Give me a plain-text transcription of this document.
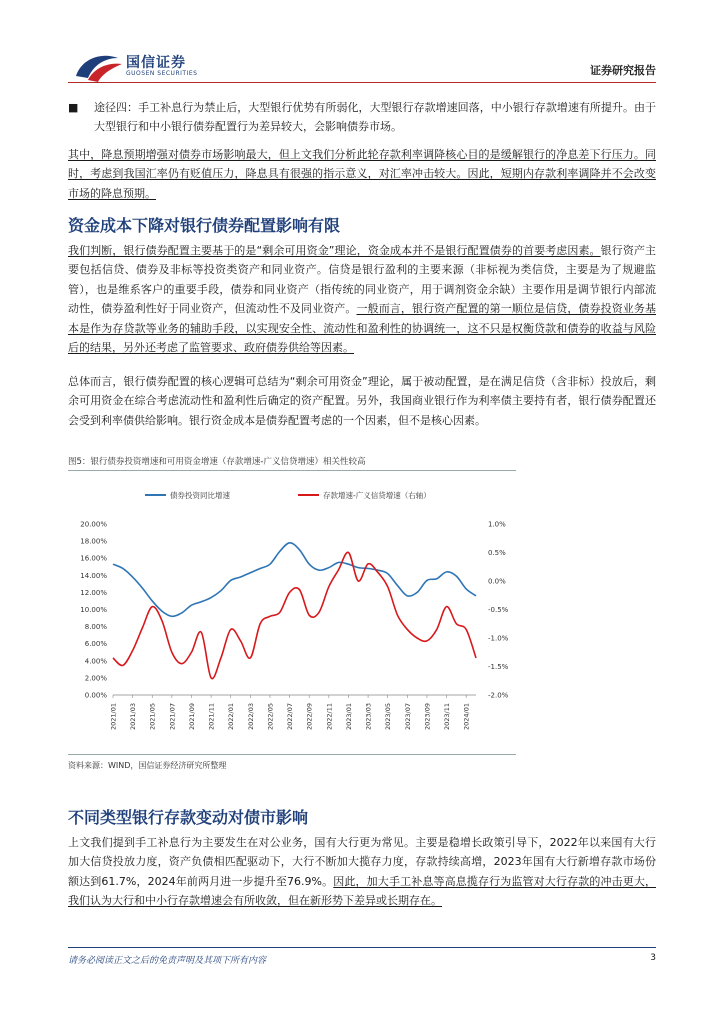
国信证券
GUOSEN SECURITIES	证券研究报告
■ 途径四：手工补息行为禁止后，大型银行优势有所弱化，大型银行存款增速回落，中小银行存款增速有所提升。由于大型银行和中小银行债券配置行为差异较大，会影响债券市场。

其中，降息预期增强对债券市场影响最大，但上文我们分析此轮存款利率调降核心目的是缓解银行的净息差下行压力。同时，考虑到我国汇率仍有贬值压力，降息具有很强的指示意义，对汇率冲击较大。因此，短期内存款利率调降并不会改变市场的降息预期。

资金成本下降对银行债券配置影响有限

我们判断，银行债券配置主要基于的是“剩余可用资金”理论，资金成本并不是银行配置债券的首要考虑因素。银行资产主要包括信贷、债券及非标等投资类资产和同业资产。信贷是银行盈利的主要来源（非标视为类信贷，主要是为了规避监管），也是维系客户的重要手段，债券和同业资产（指传统的同业资产，用于调剂资金余缺）主要作用是调节银行内部流动性，债券盈利性好于同业资产，但流动性不及同业资产。一般而言，银行资产配置的第一顺位是信贷，债券投资业务基本是作为存贷款等业务的辅助手段，以实现安全性、流动性和盈利性的协调统一，这不只是权衡贷款和债券的收益与风险后的结果，另外还考虑了监管要求、政府债券供给等因素。

总体而言，银行债券配置的核心逻辑可总结为“剩余可用资金”理论，属于被动配置，是在满足信贷（含非标）投放后，剩余可用资金在综合考虑流动性和盈利性后确定的资产配置。另外，我国商业银行作为利率债主要持有者，银行债券配置还会受到利率债供给影响。银行资金成本是债券配置考虑的一个因素，但不是核心因素。

图5：银行债券投资增速和可用资金增速（存款增速-广义信贷增速）相关性较高
债券投资同比增速	存款增速-广义信贷增速（右轴）
0.00%
2.00%
4.00%
6.00%
8.00%
10.00%
12.00%
14.00%
16.00%
18.00%
20.00%
-2.0%
-1.5%
-1.0%
-0.5%
0.0%
0.5%
1.0%
2021/01 2021/03 2021/05 2021/07 2021/09 2021/11 2022/01 2022/03 2022/05 2022/07 2022/09 2022/11 2023/01 2023/03 2023/05 2023/07 2023/09 2023/11 2024/01
资料来源：WIND，国信证券经济研究所整理
不同类型银行存款变动对债市影响

上文我们提到手工补息行为主要发生在对公业务，国有大行更为常见。主要是稳增长政策引导下，2022年以来国有大行加大信贷投放力度，资产负债相匹配驱动下，大行不断加大揽存力度，存款持续高增，2023年国有大行新增存款市场份额达到61.7%，2024年前两月进一步提升至76.9%。因此，加大手工补息等高息揽存行为监管对大行存款的冲击更大，我们认为大行和中小行存款增速会有所收敛，但在新形势下差异或长期存在。

请务必阅读正文之后的免责声明及其项下所有内容	3
